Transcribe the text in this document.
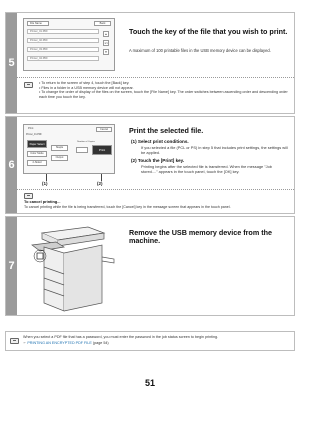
5
File Name	Back
Printer_01.PDF
Printer_02.PDF
Printer_03.PDF
Printer_04.PDF
▲
1/1
▼
Touch the key of the file that you wish to print.
A maximum of 100 printable files in the USB memory device can be displayed.
• To return to the screen of step 4, touch the [Back] key.
• Files in a folder in a USB memory device will not appear.
• To change the order of display of the files on the screen, touch the [File Name] key. The order switches between ascending order and descending order each time you touch the key.
6
Print	Cancel
Printer_01.PDF
Paper Select
Color Mode
2-Sided
Staple
Output
Number of Copies
Print
(1)	(2)
Print the selected file.
(1) Select print conditions.
If you selected a file (PCL or PS) in step 5 that includes print settings, the settings will be applied.
(2) Touch the [Print] key.
Printing begins after the selected file is transferred. When the message "Job stored...." appears in the touch panel, touch the [OK] key.
To cancel printing...
To cancel printing while the file is being transferred, touch the [Cancel] key in the message screen that appears in the touch panel.
7
Remove the USB memory device from the machine.
When you select a PDF file that has a password, you must enter the password in the job status screen to begin printing.
☞ PRINTING AN ENCRYPTED PDF FILE (page 54)
51
